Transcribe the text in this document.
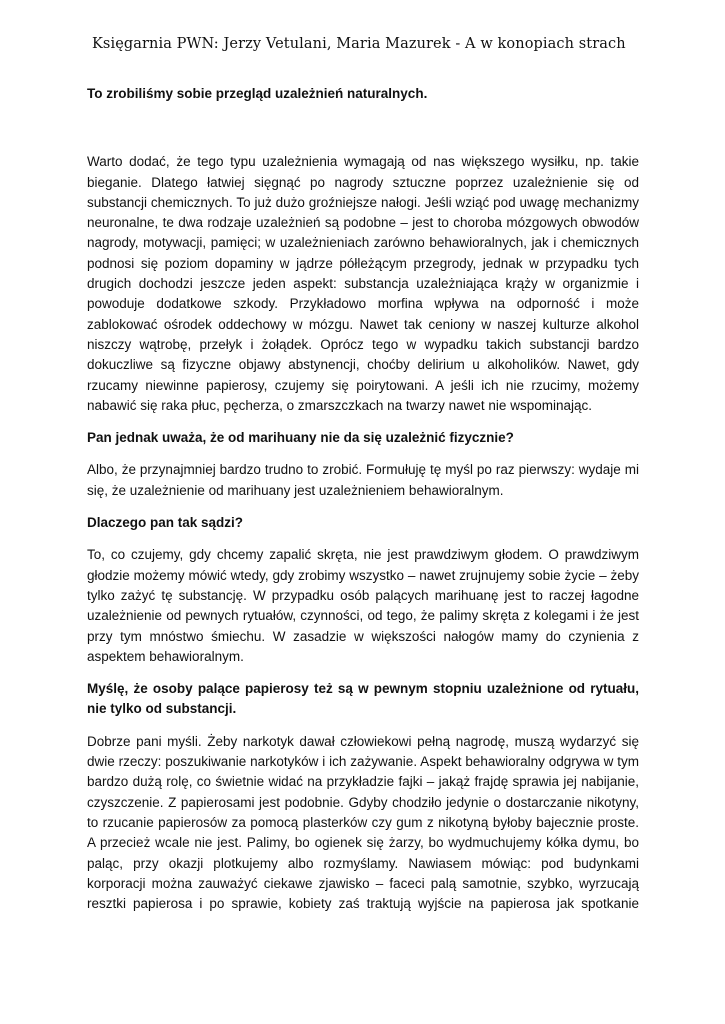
Księgarnia PWN: Jerzy Vetulani, Maria Mazurek - A w konopiach strach

To zrobiliśmy sobie przegląd uzależnień naturalnych.

Warto dodać, że tego typu uzależnienia wymagają od nas większego wysiłku, np. takie bieganie. Dlatego łatwiej sięgnąć po nagrody sztuczne poprzez uzależnienie się od substancji chemicznych. To już dużo groźniejsze nałogi. Jeśli wziąć pod uwagę mechanizmy neuronalne, te dwa rodzaje uzależnień są podobne – jest to choroba mózgowych obwodów nagrody, motywacji, pamięci; w uzależnieniach zarówno behawioralnych, jak i chemicznych podnosi się poziom dopaminy w jądrze półleżącym przegrody, jednak w przypadku tych drugich dochodzi jeszcze jeden aspekt: substancja uzależniająca krąży w organizmie i powoduje dodatkowe szkody. Przykładowo morfina wpływa na odporność i może zablokować ośrodek oddechowy w mózgu. Nawet tak ceniony w naszej kulturze alkohol niszczy wątrobę, przełyk i żołądek. Oprócz tego w wypadku takich substancji bardzo dokuczliwe są fizyczne objawy abstynencji, choćby delirium u alkoholików. Nawet, gdy rzucamy niewinne papierosy, czujemy się poirytowani. A jeśli ich nie rzucimy, możemy nabawić się raka płuc, pęcherza, o zmarszczkach na twarzy nawet nie wspominając.

Pan jednak uważa, że od marihuany nie da się uzależnić fizycznie?

Albo, że przynajmniej bardzo trudno to zrobić. Formułuję tę myśl po raz pierwszy: wydaje mi się, że uzależnienie od marihuany jest uzależnieniem behawioralnym.

Dlaczego pan tak sądzi?

To, co czujemy, gdy chcemy zapalić skręta, nie jest prawdziwym głodem. O prawdziwym głodzie możemy mówić wtedy, gdy zrobimy wszystko – nawet zrujnujemy sobie życie – żeby tylko zażyć tę substancję. W przypadku osób palących marihuanę jest to raczej łagodne uzależnienie od pewnych rytuałów, czynności, od tego, że palimy skręta z kolegami i że jest przy tym mnóstwo śmiechu. W zasadzie w większości nałogów mamy do czynienia z aspektem behawioralnym.

Myślę, że osoby palące papierosy też są w pewnym stopniu uzależnione od rytuału, nie tylko od substancji.

Dobrze pani myśli. Żeby narkotyk dawał człowiekowi pełną nagrodę, muszą wydarzyć się dwie rzeczy: poszukiwanie narkotyków i ich zażywanie. Aspekt behawioralny odgrywa w tym bardzo dużą rolę, co świetnie widać na przykładzie fajki – jakąż frajdę sprawia jej nabijanie, czyszczenie. Z papierosami jest podobnie. Gdyby chodziło jedynie o dostarczanie nikotyny, to rzucanie papierosów za pomocą plasterków czy gum z nikotyną byłoby bajecznie proste. A przecież wcale nie jest. Palimy, bo ogienek się żarzy, bo wydmuchujemy kółka dymu, bo paląc, przy okazji plotkujemy albo rozmyślamy. Nawiasem mówiąc: pod budynkami korporacji można zauważyć ciekawe zjawisko – faceci palą samotnie, szybko, wyrzucają resztki papierosa i po sprawie, kobiety zaś traktują wyjście na papierosa jak spotkanie
